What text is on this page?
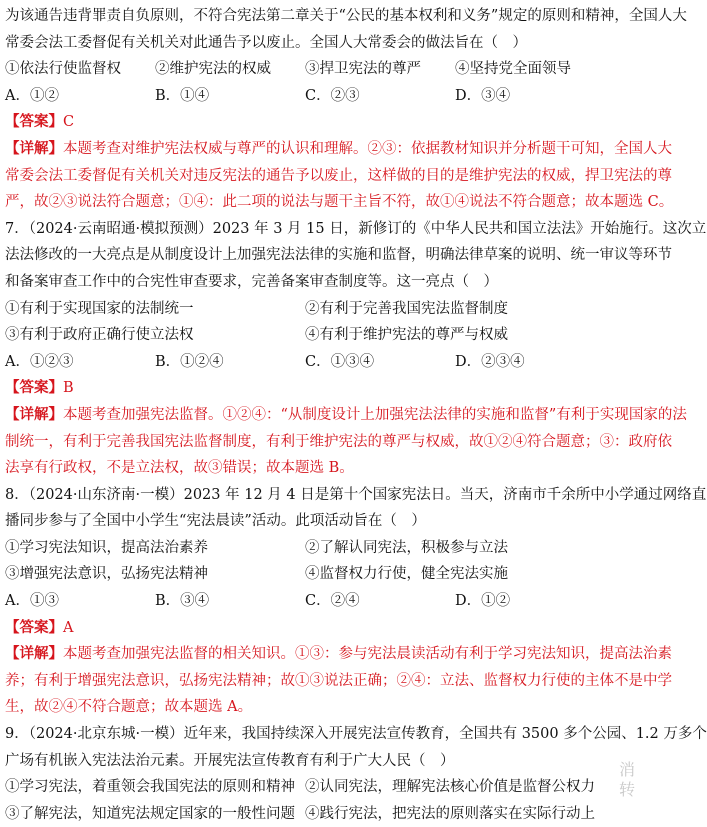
为该通告违背罪责自负原则，不符合宪法第二章关于“公民的基本权利和义务”规定的原则和精神，全国人大
常委会法工委督促有关机关对此通告予以废止。全国人大常委会的做法旨在（　）
①依法行使监督权	②维护宪法的权威	③捍卫宪法的尊严	④坚持党全面领导
A．①②	B．①④	C．②③	D．③④
【答案】C
【详解】本题考查对维护宪法权威与尊严的认识和理解。②③：依据教材知识并分析题干可知，全国人大
常委会法工委督促有关机关对违反宪法的通告予以废止，这样做的目的是维护宪法的权威，捍卫宪法的尊
严，故②③说法符合题意；①④：此二项的说法与题干主旨不符，故①④说法不符合题意；故本题选 C。
7．（2024·云南昭通·模拟预测）2023 年 3 月 15 日，新修订的《中华人民共和国立法法》开始施行。这次立
法法修改的一大亮点是从制度设计上加强宪法法律的实施和监督，明确法律草案的说明、统一审议等环节
和备案审查工作中的合宪性审查要求，完善备案审查制度等。这一亮点（　）
①有利于实现国家的法制统一	②有利于完善我国宪法监督制度
③有利于政府正确行使立法权	④有利于维护宪法的尊严与权威
A．①②③	B．①②④	C．①③④	D．②③④
【答案】B
【详解】本题考查加强宪法监督。①②④：“从制度设计上加强宪法法律的实施和监督”有利于实现国家的法
制统一，有利于完善我国宪法监督制度，有利于维护宪法的尊严与权威，故①②④符合题意；③：政府依
法享有行政权，不是立法权，故③错误；故本题选 B。
8．（2024·山东济南·一模）2023 年 12 月 4 日是第十个国家宪法日。当天，济南市千余所中小学通过网络直
播同步参与了全国中小学生“宪法晨读”活动。此项活动旨在（　）
①学习宪法知识，提高法治素养	②了解认同宪法，积极参与立法
③增强宪法意识，弘扬宪法精神	④监督权力行使，健全宪法实施
A．①③	B．③④	C．②④	D．①②
【答案】A
【详解】本题考查加强宪法监督的相关知识。①③：参与宪法晨读活动有利于学习宪法知识，提高法治素
养；有利于增强宪法意识，弘扬宪法精神；故①③说法正确；②④：立法、监督权力行使的主体不是中学
生，故②④不符合题意；故本题选 A。
9．（2024·北京东城·一模）近年来，我国持续深入开展宪法宣传教育，全国共有 3500 多个公园、1.2 万多个
广场有机嵌入宪法法治元素。开展宪法宣传教育有利于广大人民（　）
①学习宪法，着重领会我国宪法的原则和精神 ②认同宪法，理解宪法核心价值是监督公权力
③了解宪法，知道宪法规定国家的一般性问题 ④践行宪法，把宪法的原则落实在实际行动上
消
转
